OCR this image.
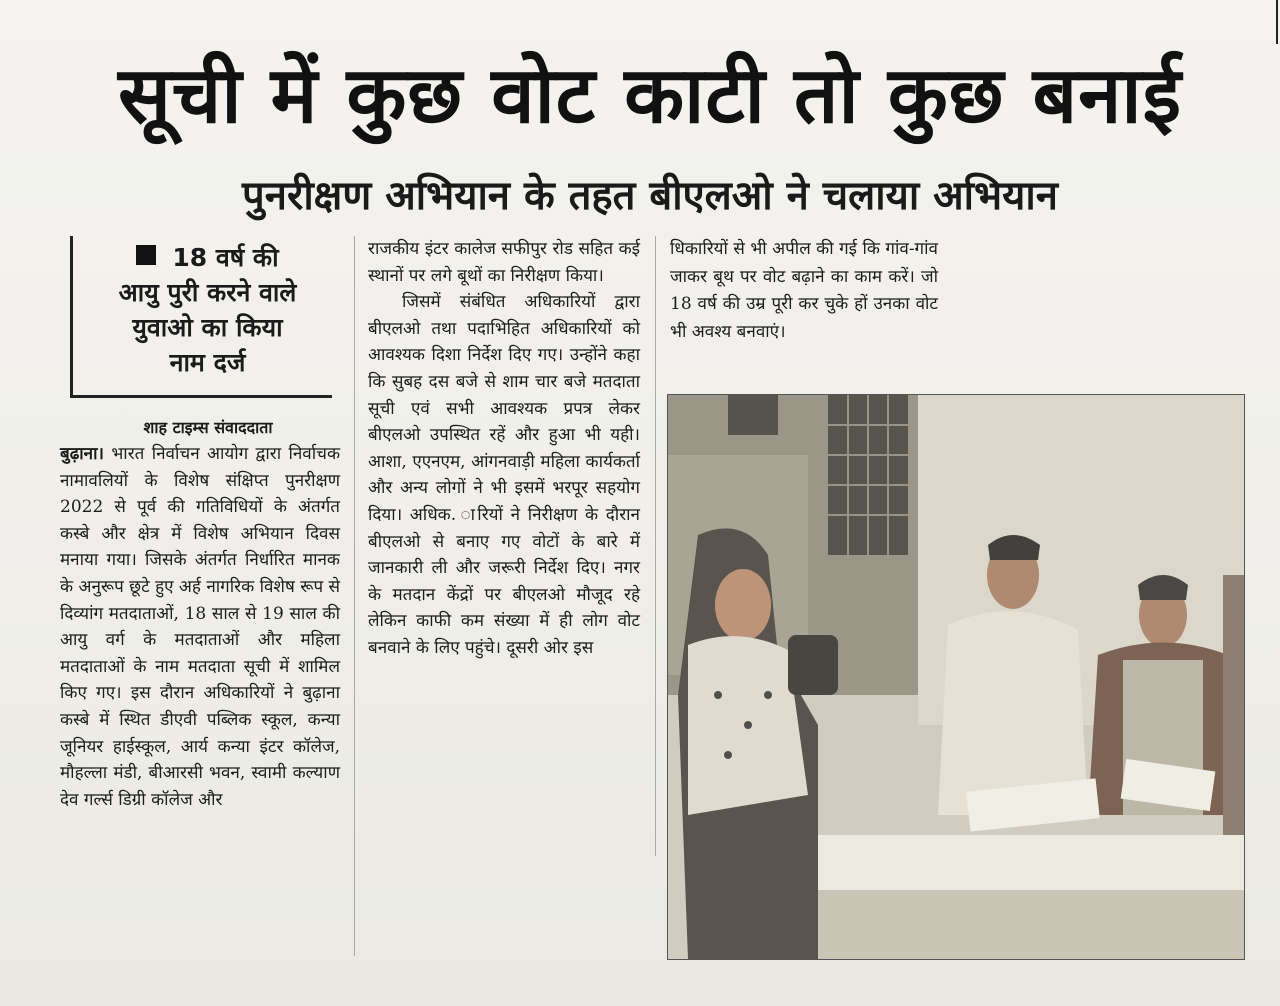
सूची में कुछ वोट काटी तो कुछ बनाई
पुनरीक्षण अभियान के तहत बीएलओ ने चलाया अभियान
18 वर्ष की
आयु पुरी करने वाले
युवाओ का किया
नाम दर्ज
शाह टाइम्स संवाददाता

बुढ़ाना। भारत निर्वाचन आयोग द्वारा निर्वाचक नामावलियों के विशेष संक्षिप्त पुनरीक्षण 2022 से पूर्व की गतिविधियों के अंतर्गत कस्बे और क्षेत्र में विशेष अभियान दिवस मनाया गया। जिसके अंतर्गत निर्धारित मानक के अनुरूप छूटे हुए अर्ह नागरिक विशेष रूप से दिव्यांग मतदाताओं, 18 साल से 19 साल की आयु वर्ग के मतदाताओं और महिला मतदाताओं के नाम मतदाता सूची में शामिल किए गए। इस दौरान अधिकारियों ने बुढ़ाना कस्बे में स्थित डीएवी पब्लिक स्कूल, कन्या जूनियर हाईस्कूल, आर्य कन्या इंटर कॉलेज, मौहल्ला मंडी, बीआरसी भवन, स्वामी कल्याण देव गर्ल्स डिग्री कॉलेज और

राजकीय इंटर कालेज सफीपुर रोड सहित कई स्थानों पर लगे बूथों का निरीक्षण किया।

जिसमें संबंधित अधिकारियों द्वारा बीएलओ तथा पदाभिहित अधिकारियों को आवश्यक दिशा निर्देश दिए गए। उन्होंने कहा कि सुबह दस बजे से शाम चार बजे मतदाता सूची एवं सभी आवश्यक प्रपत्र लेकर बीएलओ उपस्थित रहें और हुआ भी यही। आशा, एएनएम, आंगनवाड़ी महिला कार्यकर्ता और अन्य लोगों ने भी इसमें भरपूर सहयोग दिया। अधिक. ारियों ने निरीक्षण के दौरान बीएलओ से बनाए गए वोटों के बारे में जानकारी ली और जरूरी निर्देश दिए। नगर के मतदान केंद्रों पर बीएलओ मौजूद रहे लेकिन काफी कम संख्या में ही लोग वोट बनवाने के लिए पहुंचे। दूसरी ओर इस

धिकारियों से भी अपील की गई कि गांव-गांव जाकर बूथ पर वोट बढ़ाने का काम करें। जो 18 वर्ष की उम्र पूरी कर चुके हों उनका वोट भी अवश्य बनवाएं।
